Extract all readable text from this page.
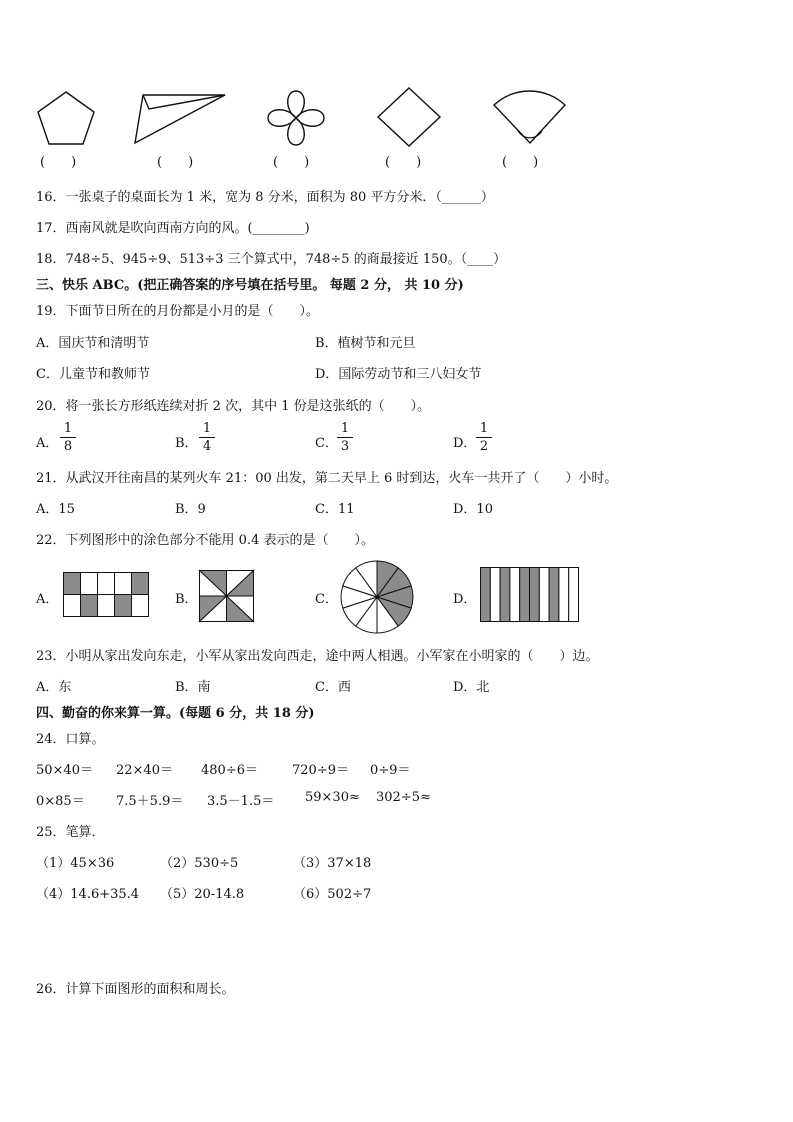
(　　)	(　　)	(　　)	(　　)	(　　)
16．一张桌子的桌面长为 1 米，宽为 8 分米，面积为 80 平方分米．（______）
17．西南风就是吹向西南方向的风。(________)
18．748÷5、945÷9、513÷3 三个算式中，748÷5 的商最接近 150。（____）
三、快乐 ABC。(把正确答案的序号填在括号里。 每题 2 分， 共 10 分)
19．下面节日所在的月份都是小月的是（　　）。
A．国庆节和清明节	B．植树节和元旦
C．儿童节和教师节	D．国际劳动节和三八妇女节
20．将一张长方形纸连续对折 2 次，其中 1 份是这张纸的（　　）。
A．
1
8	B．
1
4	C．
1
3	D．
1
2
21．从武汉开往南昌的某列火车 21：00 出发，第二天早上 6 时到达，火车一共开了（　　）小时。
A．15	B．9	C．11	D．10
22．下列图形中的涂色部分不能用 0.4 表示的是（　　）。
A．	B．	C．	D．
23．小明从家出发向东走，小军从家出发向西走，途中两人相遇。小军家在小明家的（　　）边。
A．东	B．南	C．西	D．北
四、勤奋的你来算一算。(每题 6 分，共 18 分)
24．口算。
50×40＝ 22×40＝ 480÷6＝	720÷9＝ 0÷9＝
0×85＝ 7.5＋5.9＝ 3.5－1.5＝ 59×30≈ 302÷5≈
25．笔算．
（1）45×36	（2）530÷5	（3）37×18
（4）14.6+35.4 （5）20-14.8	（6）502÷7
26．计算下面图形的面积和周长。
